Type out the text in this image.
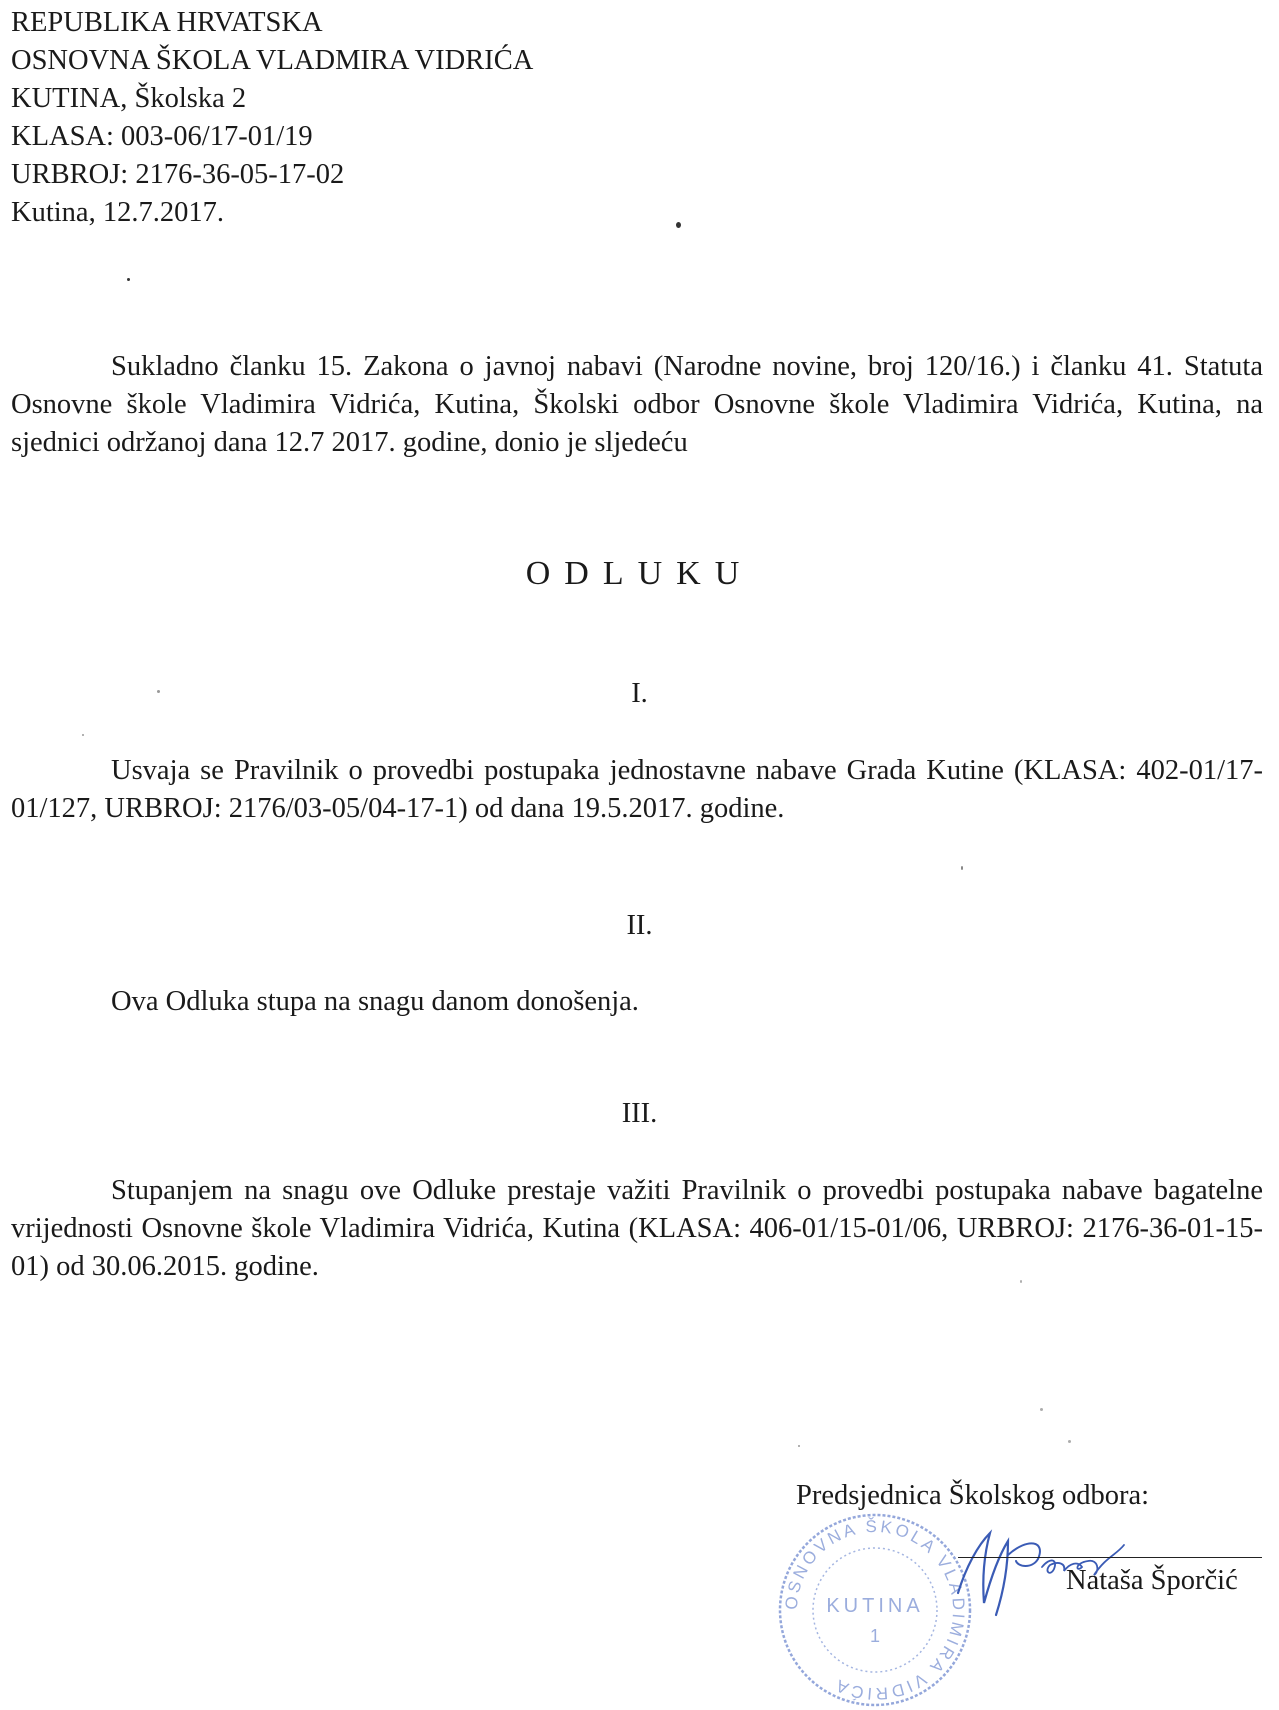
REPUBLIKA HRVATSKA
OSNOVNA ŠKOLA VLADMIRA VIDRIĆA
KUTINA, Školska 2
KLASA: 003-06/17-01/19
URBROJ: 2176-36-05-17-02
Kutina, 12.7.2017.
Sukladno članku 15. Zakona o javnoj nabavi (Narodne novine, broj 120/16.) i članku 41. Statuta Osnovne škole Vladimira Vidrića, Kutina, Školski odbor Osnovne škole Vladimira Vidrića, Kutina, na sjednici održanoj dana 12.7 2017. godine, donio je sljedeću
ODLUKU
I.
Usvaja se Pravilnik o provedbi postupaka jednostavne nabave Grada Kutine (KLASA: 402-01/17-01/127, URBROJ: 2176/03-05/04-17-1) od dana 19.5.2017. godine.
II.
Ova Odluka stupa na snagu danom donošenja.
III.
Stupanjem na snagu ove Odluke prestaje važiti Pravilnik o provedbi postupaka nabave bagatelne vrijednosti Osnovne škole Vladimira Vidrića, Kutina (KLASA: 406-01/15-01/06, URBROJ: 2176-36-01-15-01) od 30.06.2015. godine.
OSNOVNA ŠKOLA VLADIMIRA VIDRIĆA
KUTINA
1
Predsjednica Školskog odbora:
Nataša Šporčić
